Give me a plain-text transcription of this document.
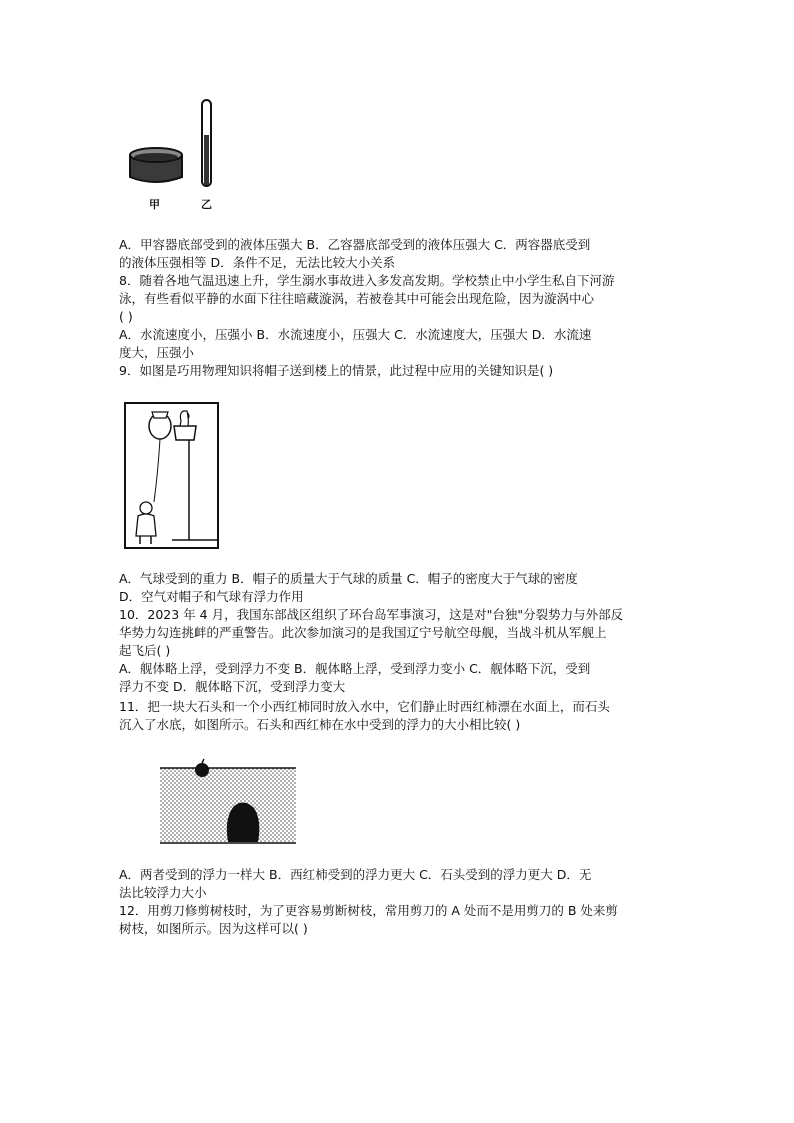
甲	乙

A．甲容器底部受到的液体压强大 B．乙容器底部受到的液体压强大 C．两容器底受到

的液体压强相等 D．条件不足，无法比较大小关系

8．随着各地气温迅速上升，学生溺水事故进入多发高发期。学校禁止中小学生私自下河游

泳，有些看似平静的水面下往往暗藏漩涡，若被卷其中可能会出现危险，因为漩涡中心

( )

A．水流速度小，压强小 B．水流速度小，压强大 C．水流速度大，压强大 D．水流速

度大，压强小

9．如图是巧用物理知识将帽子送到楼上的情景，此过程中应用的关键知识是( )

A．气球受到的重力 B．帽子的质量大于气球的质量 C．帽子的密度大于气球的密度

D．空气对帽子和气球有浮力作用

10．2023 年 4 月，我国东部战区组织了环台岛军事演习，这是对"台独"分裂势力与外部反

华势力勾连挑衅的严重警告。此次参加演习的是我国辽宁号航空母舰，当战斗机从军舰上

起飞后( )

A．舰体略上浮，受到浮力不变 B．舰体略上浮，受到浮力变小 C．舰体略下沉，受到

浮力不变 D．舰体略下沉，受到浮力变大

11．把一块大石头和一个小西红柿同时放入水中，它们静止时西红柿漂在水面上，而石头

沉入了水底，如图所示。石头和西红柿在水中受到的浮力的大小相比较( )

A．两者受到的浮力一样大 B．西红柿受到的浮力更大 C．石头受到的浮力更大 D．无

法比较浮力大小

12．用剪刀修剪树枝时，为了更容易剪断树枝，常用剪刀的 A 处而不是用剪刀的 B 处来剪

树枝，如图所示。因为这样可以( )
